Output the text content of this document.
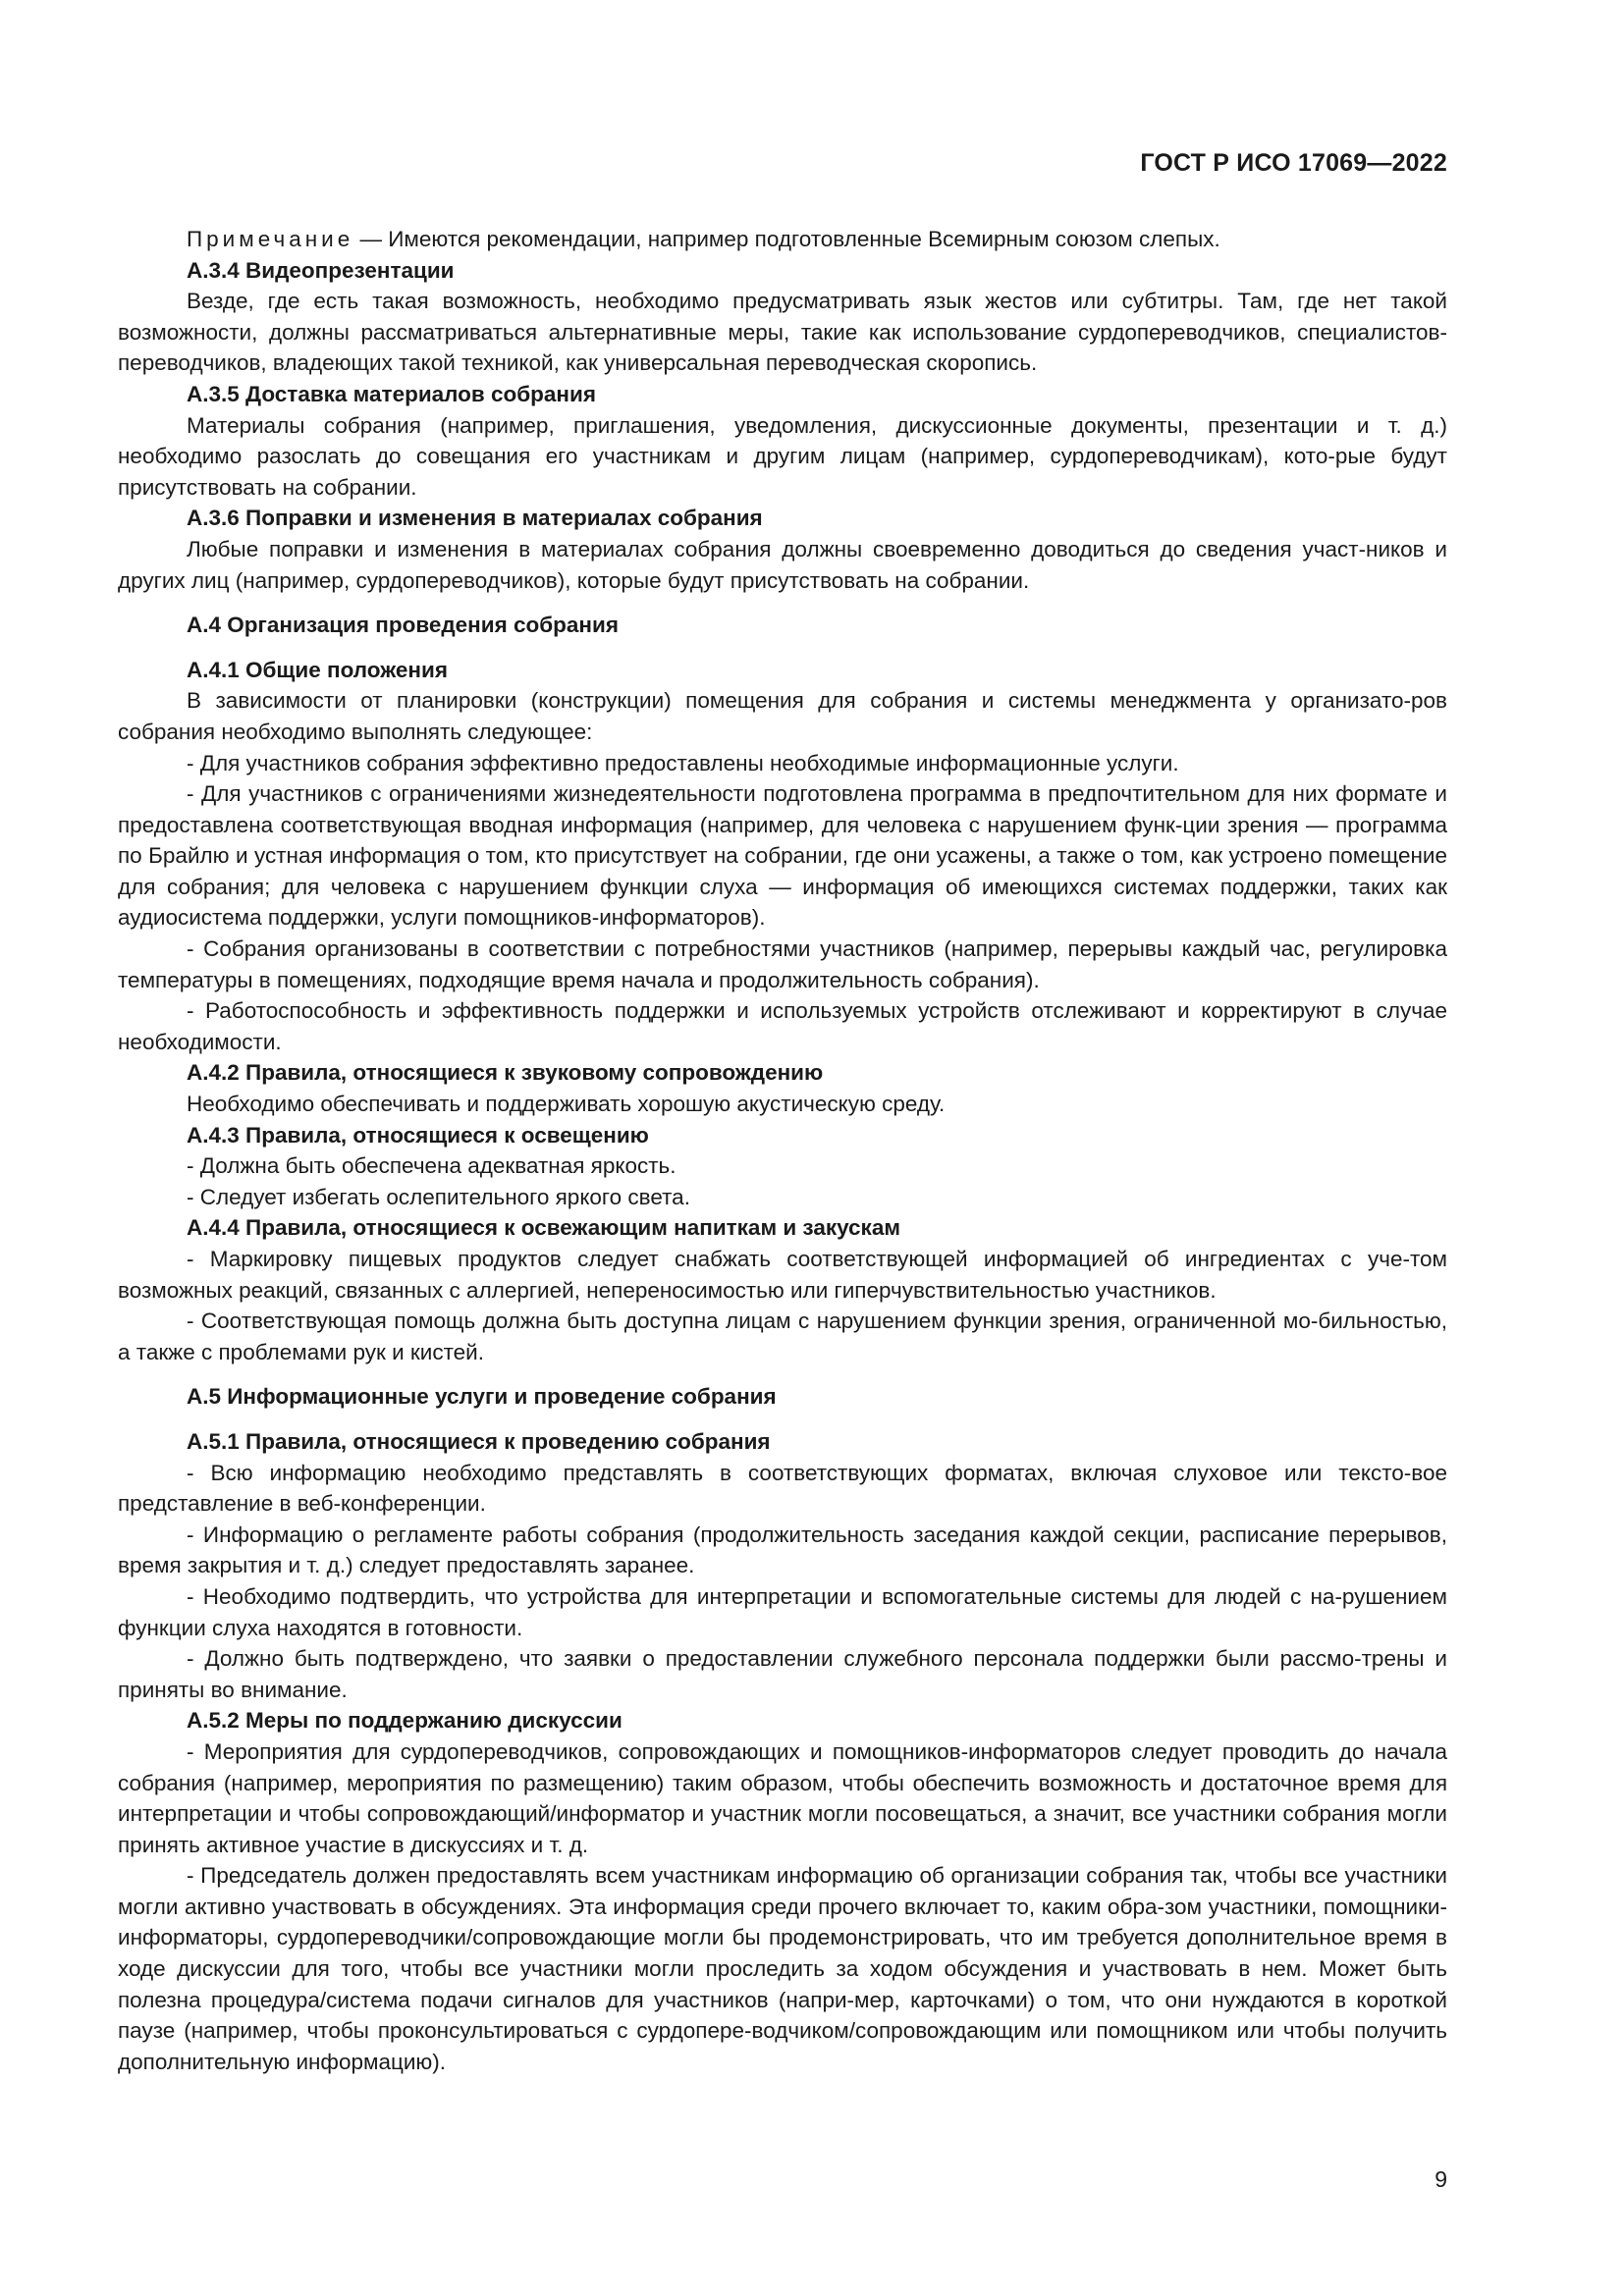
ГОСТ Р ИСО 17069—2022

Примечание — Имеются рекомендации, например подготовленные Всемирным союзом слепых.

A.3.4 Видеопрезентации

Везде, где есть такая возможность, необходимо предусматривать язык жестов или субтитры. Там, где нет такой возможности, должны рассматриваться альтернативные меры, такие как использование сурдопереводчиков, специалистов-переводчиков, владеющих такой техникой, как универсальная переводческая скоропись.

A.3.5 Доставка материалов собрания

Материалы собрания (например, приглашения, уведомления, дискуссионные документы, презентации и т. д.) необходимо разослать до совещания его участникам и другим лицам (например, сурдопереводчикам), кото-рые будут присутствовать на собрании.

A.3.6 Поправки и изменения в материалах собрания

Любые поправки и изменения в материалах собрания должны своевременно доводиться до сведения участ-ников и других лиц (например, сурдопереводчиков), которые будут присутствовать на собрании.

A.4 Организация проведения собрания
A.4.1 Общие положения

В зависимости от планировки (конструкции) помещения для собрания и системы менеджмента у организато-ров собрания необходимо выполнять следующее:

- Для участников собрания эффективно предоставлены необходимые информационные услуги.

- Для участников с ограничениями жизнедеятельности подготовлена программа в предпочтительном для них формате и предоставлена соответствующая вводная информация (например, для человека с нарушением функ-ции зрения — программа по Брайлю и устная информация о том, кто присутствует на собрании, где они усажены, а также о том, как устроено помещение для собрания; для человека с нарушением функции слуха — информация об имеющихся системах поддержки, таких как аудиосистема поддержки, услуги помощников-информаторов).

- Собрания организованы в соответствии с потребностями участников (например, перерывы каждый час, регулировка температуры в помещениях, подходящие время начала и продолжительность собрания).

- Работоспособность и эффективность поддержки и используемых устройств отслеживают и корректируют в случае необходимости.

A.4.2 Правила, относящиеся к звуковому сопровождению

Необходимо обеспечивать и поддерживать хорошую акустическую среду.

A.4.3 Правила, относящиеся к освещению

- Должна быть обеспечена адекватная яркость.

- Следует избегать ослепительного яркого света.

A.4.4 Правила, относящиеся к освежающим напиткам и закускам

- Маркировку пищевых продуктов следует снабжать соответствующей информацией об ингредиентах с уче-том возможных реакций, связанных с аллергией, непереносимостью или гиперчувствительностью участников.

- Соответствующая помощь должна быть доступна лицам с нарушением функции зрения, ограниченной мо-бильностью, а также с проблемами рук и кистей.

A.5 Информационные услуги и проведение собрания
A.5.1 Правила, относящиеся к проведению собрания

- Всю информацию необходимо представлять в соответствующих форматах, включая слуховое или тексто-вое представление в веб-конференции.

- Информацию о регламенте работы собрания (продолжительность заседания каждой секции, расписание перерывов, время закрытия и т. д.) следует предоставлять заранее.

- Необходимо подтвердить, что устройства для интерпретации и вспомогательные системы для людей с на-рушением функции слуха находятся в готовности.

- Должно быть подтверждено, что заявки о предоставлении служебного персонала поддержки были рассмо-трены и приняты во внимание.

A.5.2 Меры по поддержанию дискуссии

- Мероприятия для сурдопереводчиков, сопровождающих и помощников-информаторов следует проводить до начала собрания (например, мероприятия по размещению) таким образом, чтобы обеспечить возможность и достаточное время для интерпретации и чтобы сопровождающий/информатор и участник могли посовещаться, а значит, все участники собрания могли принять активное участие в дискуссиях и т. д.

- Председатель должен предоставлять всем участникам информацию об организации собрания так, чтобы все участники могли активно участвовать в обсуждениях. Эта информация среди прочего включает то, каким обра-зом участники, помощники-информаторы, сурдопереводчики/сопровождающие могли бы продемонстрировать, что им требуется дополнительное время в ходе дискуссии для того, чтобы все участники могли проследить за ходом обсуждения и участвовать в нем. Может быть полезна процедура/система подачи сигналов для участников (напри-мер, карточками) о том, что они нуждаются в короткой паузе (например, чтобы проконсультироваться с сурдопере-водчиком/сопровождающим или помощником или чтобы получить дополнительную информацию).

9
